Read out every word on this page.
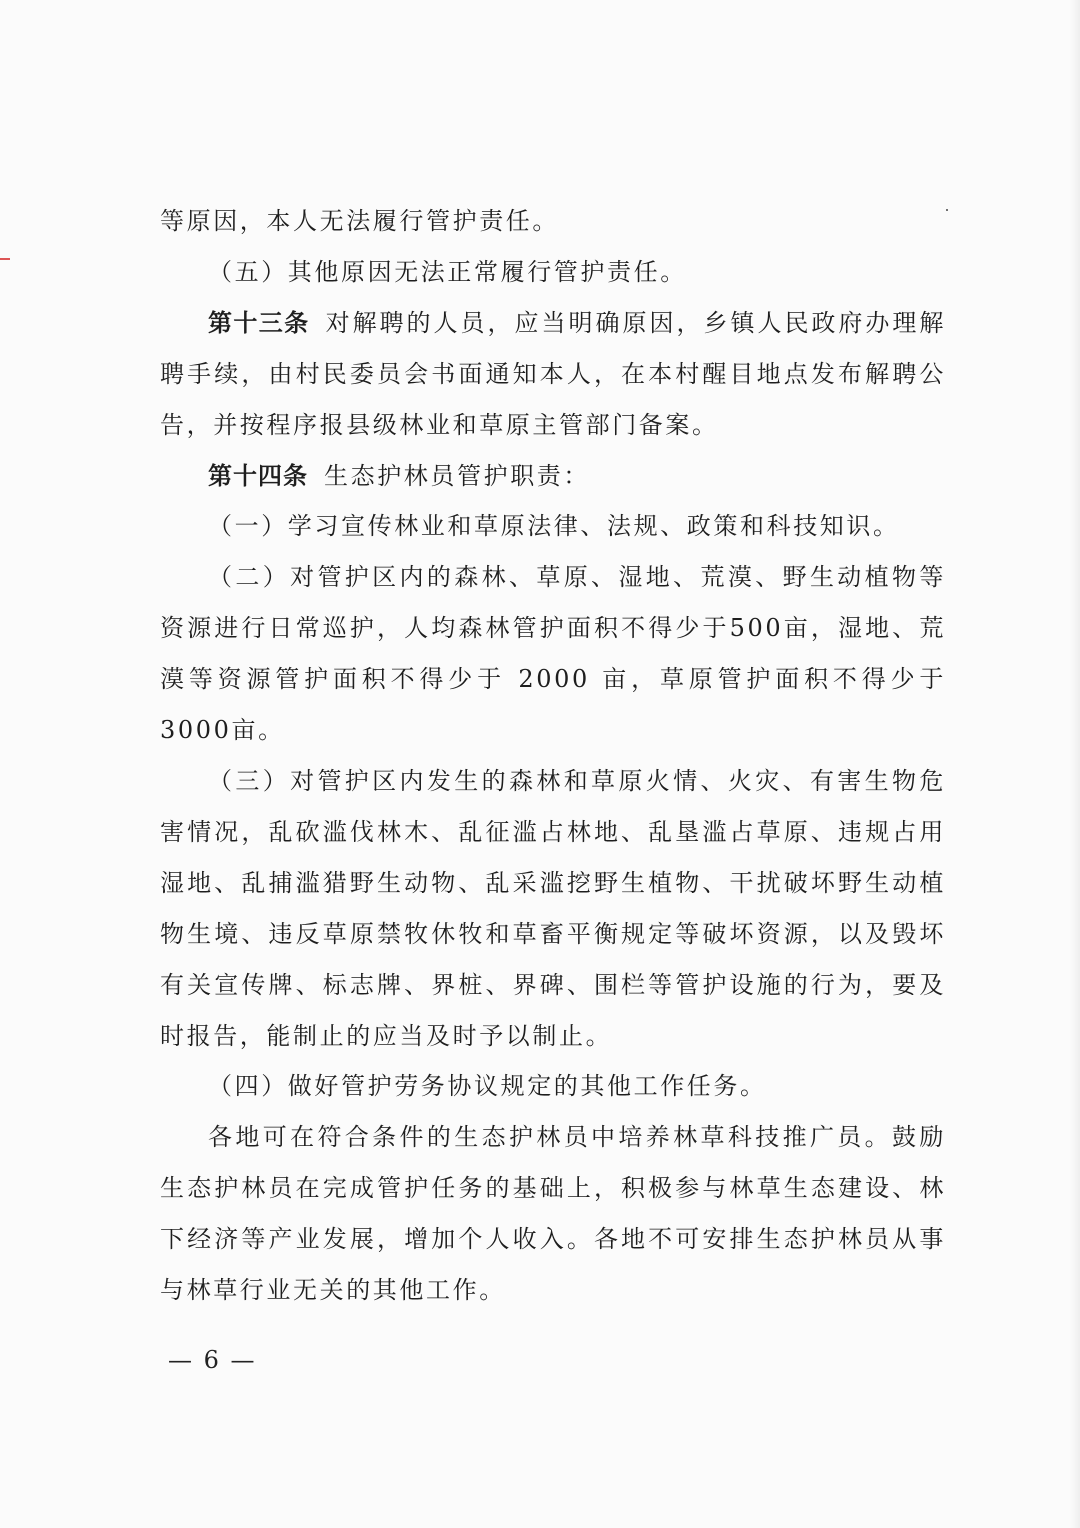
等原因，本人无法履行管护责任。

（五）其他原因无法正常履行管护责任。

第十三条 对解聘的人员，应当明确原因，乡镇人民政府办理解聘手续，由村民委员会书面通知本人，在本村醒目地点发布解聘公告，并按程序报县级林业和草原主管部门备案。

第十四条 生态护林员管护职责：

（一）学习宣传林业和草原法律、法规、政策和科技知识。

（二）对管护区内的森林、草原、湿地、荒漠、野生动植物等资源进行日常巡护，人均森林管护面积不得少于500亩，湿地、荒漠等资源管护面积不得少于 2000 亩，草原管护面积不得少于3000亩。

（三）对管护区内发生的森林和草原火情、火灾、有害生物危害情况，乱砍滥伐林木、乱征滥占林地、乱垦滥占草原、违规占用湿地、乱捕滥猎野生动物、乱采滥挖野生植物、干扰破坏野生动植物生境、违反草原禁牧休牧和草畜平衡规定等破坏资源，以及毁坏有关宣传牌、标志牌、界桩、界碑、围栏等管护设施的行为，要及时报告，能制止的应当及时予以制止。

（四）做好管护劳务协议规定的其他工作任务。

各地可在符合条件的生态护林员中培养林草科技推广员。鼓励生态护林员在完成管护任务的基础上，积极参与林草生态建设、林下经济等产业发展，增加个人收入。各地不可安排生态护林员从事与林草行业无关的其他工作。

— 6 —
